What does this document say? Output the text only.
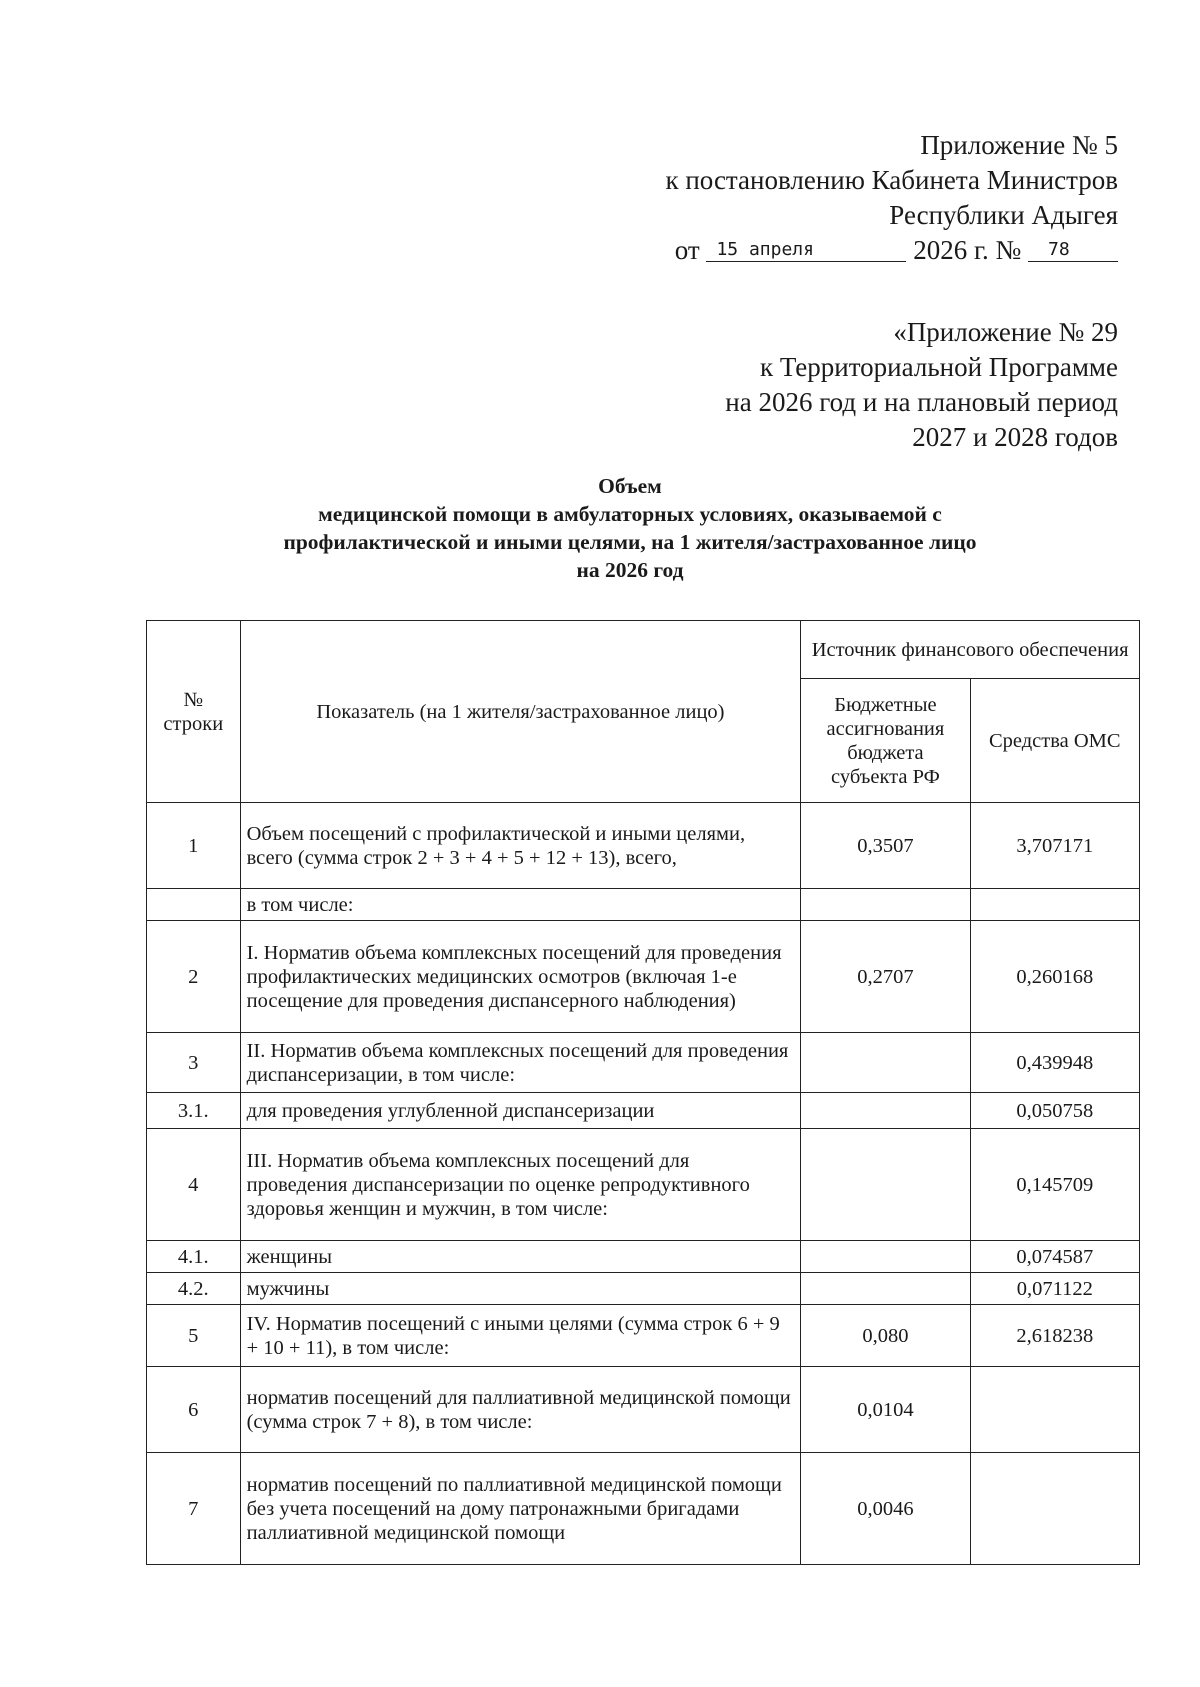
Приложение № 5
к постановлению Кабинета Министров
Республики Адыгея
от 15 апреля	2026 г. № 78
«Приложение № 29
к Территориальной Программе
на 2026 год и на плановый период
2027 и 2028 годов
Объем
медицинской помощи в амбулаторных условиях, оказываемой с
профилактической и иными целями, на 1 жителя/застрахованное лицо
на 2026 год
№ строки	Показатель (на 1 жителя/застрахованное лицо)	Источник финансового обеспечения	
		Бюджетные ассигнования бюджета субъекта РФ	Средства ОМС
1	Объем посещений с профилактической и иными целями, всего (сумма строк 2 + 3 + 4 + 5 + 12 + 13), всего,	0,3507	3,707171
	в том числе:		
2	I. Норматив объема комплексных посещений для проведения профилактических медицинских осмотров (включая 1-е посещение для проведения диспансерного наблюдения)	0,2707	0,260168
3	II. Норматив объема комплексных посещений для проведения диспансеризации, в том числе:		0,439948
3.1.	для проведения углубленной диспансеризации		0,050758
4	III. Норматив объема комплексных посещений для проведения диспансеризации по оценке репродуктивного здоровья женщин и мужчин, в том числе:		0,145709
4.1.	женщины		0,074587
4.2.	мужчины		0,071122
5	IV. Норматив посещений с иными целями (сумма строк 6 + 9 + 10 + 11), в том числе:	0,080	2,618238
6	норматив посещений для паллиативной медицинской помощи (сумма строк 7 + 8), в том числе:	0,0104	
7	норматив посещений по паллиативной медицинской помощи без учета посещений на дому патронажными бригадами паллиативной медицинской помощи	0,0046	
